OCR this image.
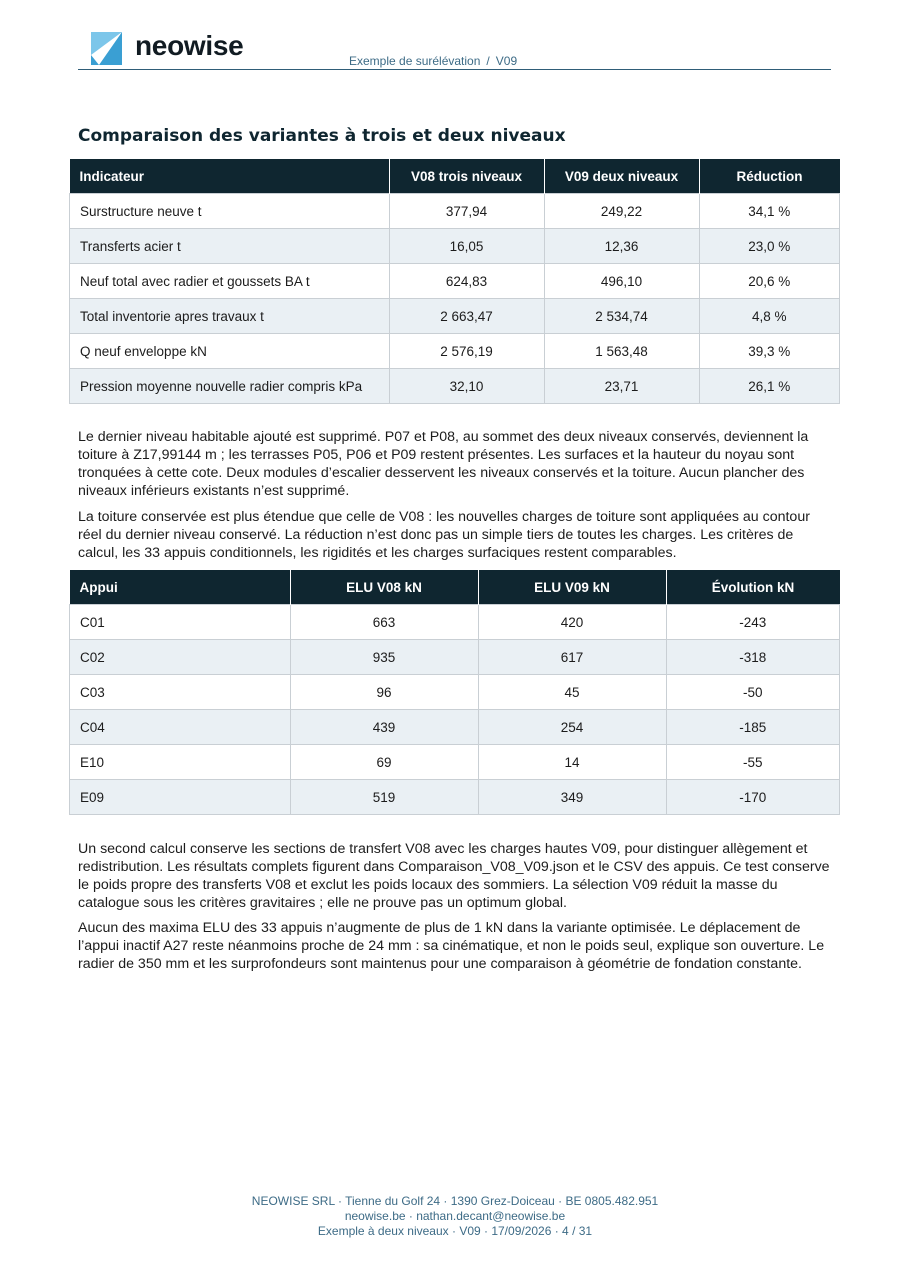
neowise	Exemple de surélévation / V09
Comparaison des variantes à trois et deux niveaux
Indicateur	V08 trois niveaux	V09 deux niveaux	Réduction
Surstructure neuve t	377,94	249,22	34,1 %
Transferts acier t	16,05	12,36	23,0 %
Neuf total avec radier et goussets BA t	624,83	496,10	20,6 %
Total inventorie apres travaux t	2 663,47	2 534,74	4,8 %
Q neuf enveloppe kN	2 576,19	1 563,48	39,3 %
Pression moyenne nouvelle radier compris kPa	32,10	23,71	26,1 %

Le dernier niveau habitable ajouté est supprimé. P07 et P08, au sommet des deux niveaux conservés, deviennent la toiture à Z17,99144 m ; les terrasses P05, P06 et P09 restent présentes. Les surfaces et la hauteur du noyau sont tronquées à cette cote. Deux modules d’escalier desservent les niveaux conservés et la toiture. Aucun plancher des niveaux inférieurs existants n’est supprimé.

La toiture conservée est plus étendue que celle de V08 : les nouvelles charges de toiture sont appliquées au contour réel du dernier niveau conservé. La réduction n’est donc pas un simple tiers de toutes les charges. Les critères de calcul, les 33 appuis conditionnels, les rigidités et les charges surfaciques restent comparables.

Appui	ELU V08 kN	ELU V09 kN	Évolution kN
C01	663	420	-243
C02	935	617	-318
C03	96	45	-50
C04	439	254	-185
E10	69	14	-55
E09	519	349	-170

Un second calcul conserve les sections de transfert V08 avec les charges hautes V09, pour distinguer allègement et redistribution. Les résultats complets figurent dans Comparaison_V08_V09.json et le CSV des appuis. Ce test conserve le poids propre des transferts V08 et exclut les poids locaux des sommiers. La sélection V09 réduit la masse du catalogue sous les critères gravitaires ; elle ne prouve pas un optimum global.

Aucun des maxima ELU des 33 appuis n’augmente de plus de 1 kN dans la variante optimisée. Le déplacement de l’appui inactif A27 reste néanmoins proche de 24 mm : sa cinématique, et non le poids seul, explique son ouverture. Le radier de 350 mm et les surprofondeurs sont maintenus pour une comparaison à géométrie de fondation constante.

NEOWISE SRL · Tienne du Golf 24 · 1390 Grez-Doiceau · BE 0805.482.951
neowise.be · nathan.decant@neowise.be
Exemple à deux niveaux · V09 · 17/09/2026 · 4 / 31
